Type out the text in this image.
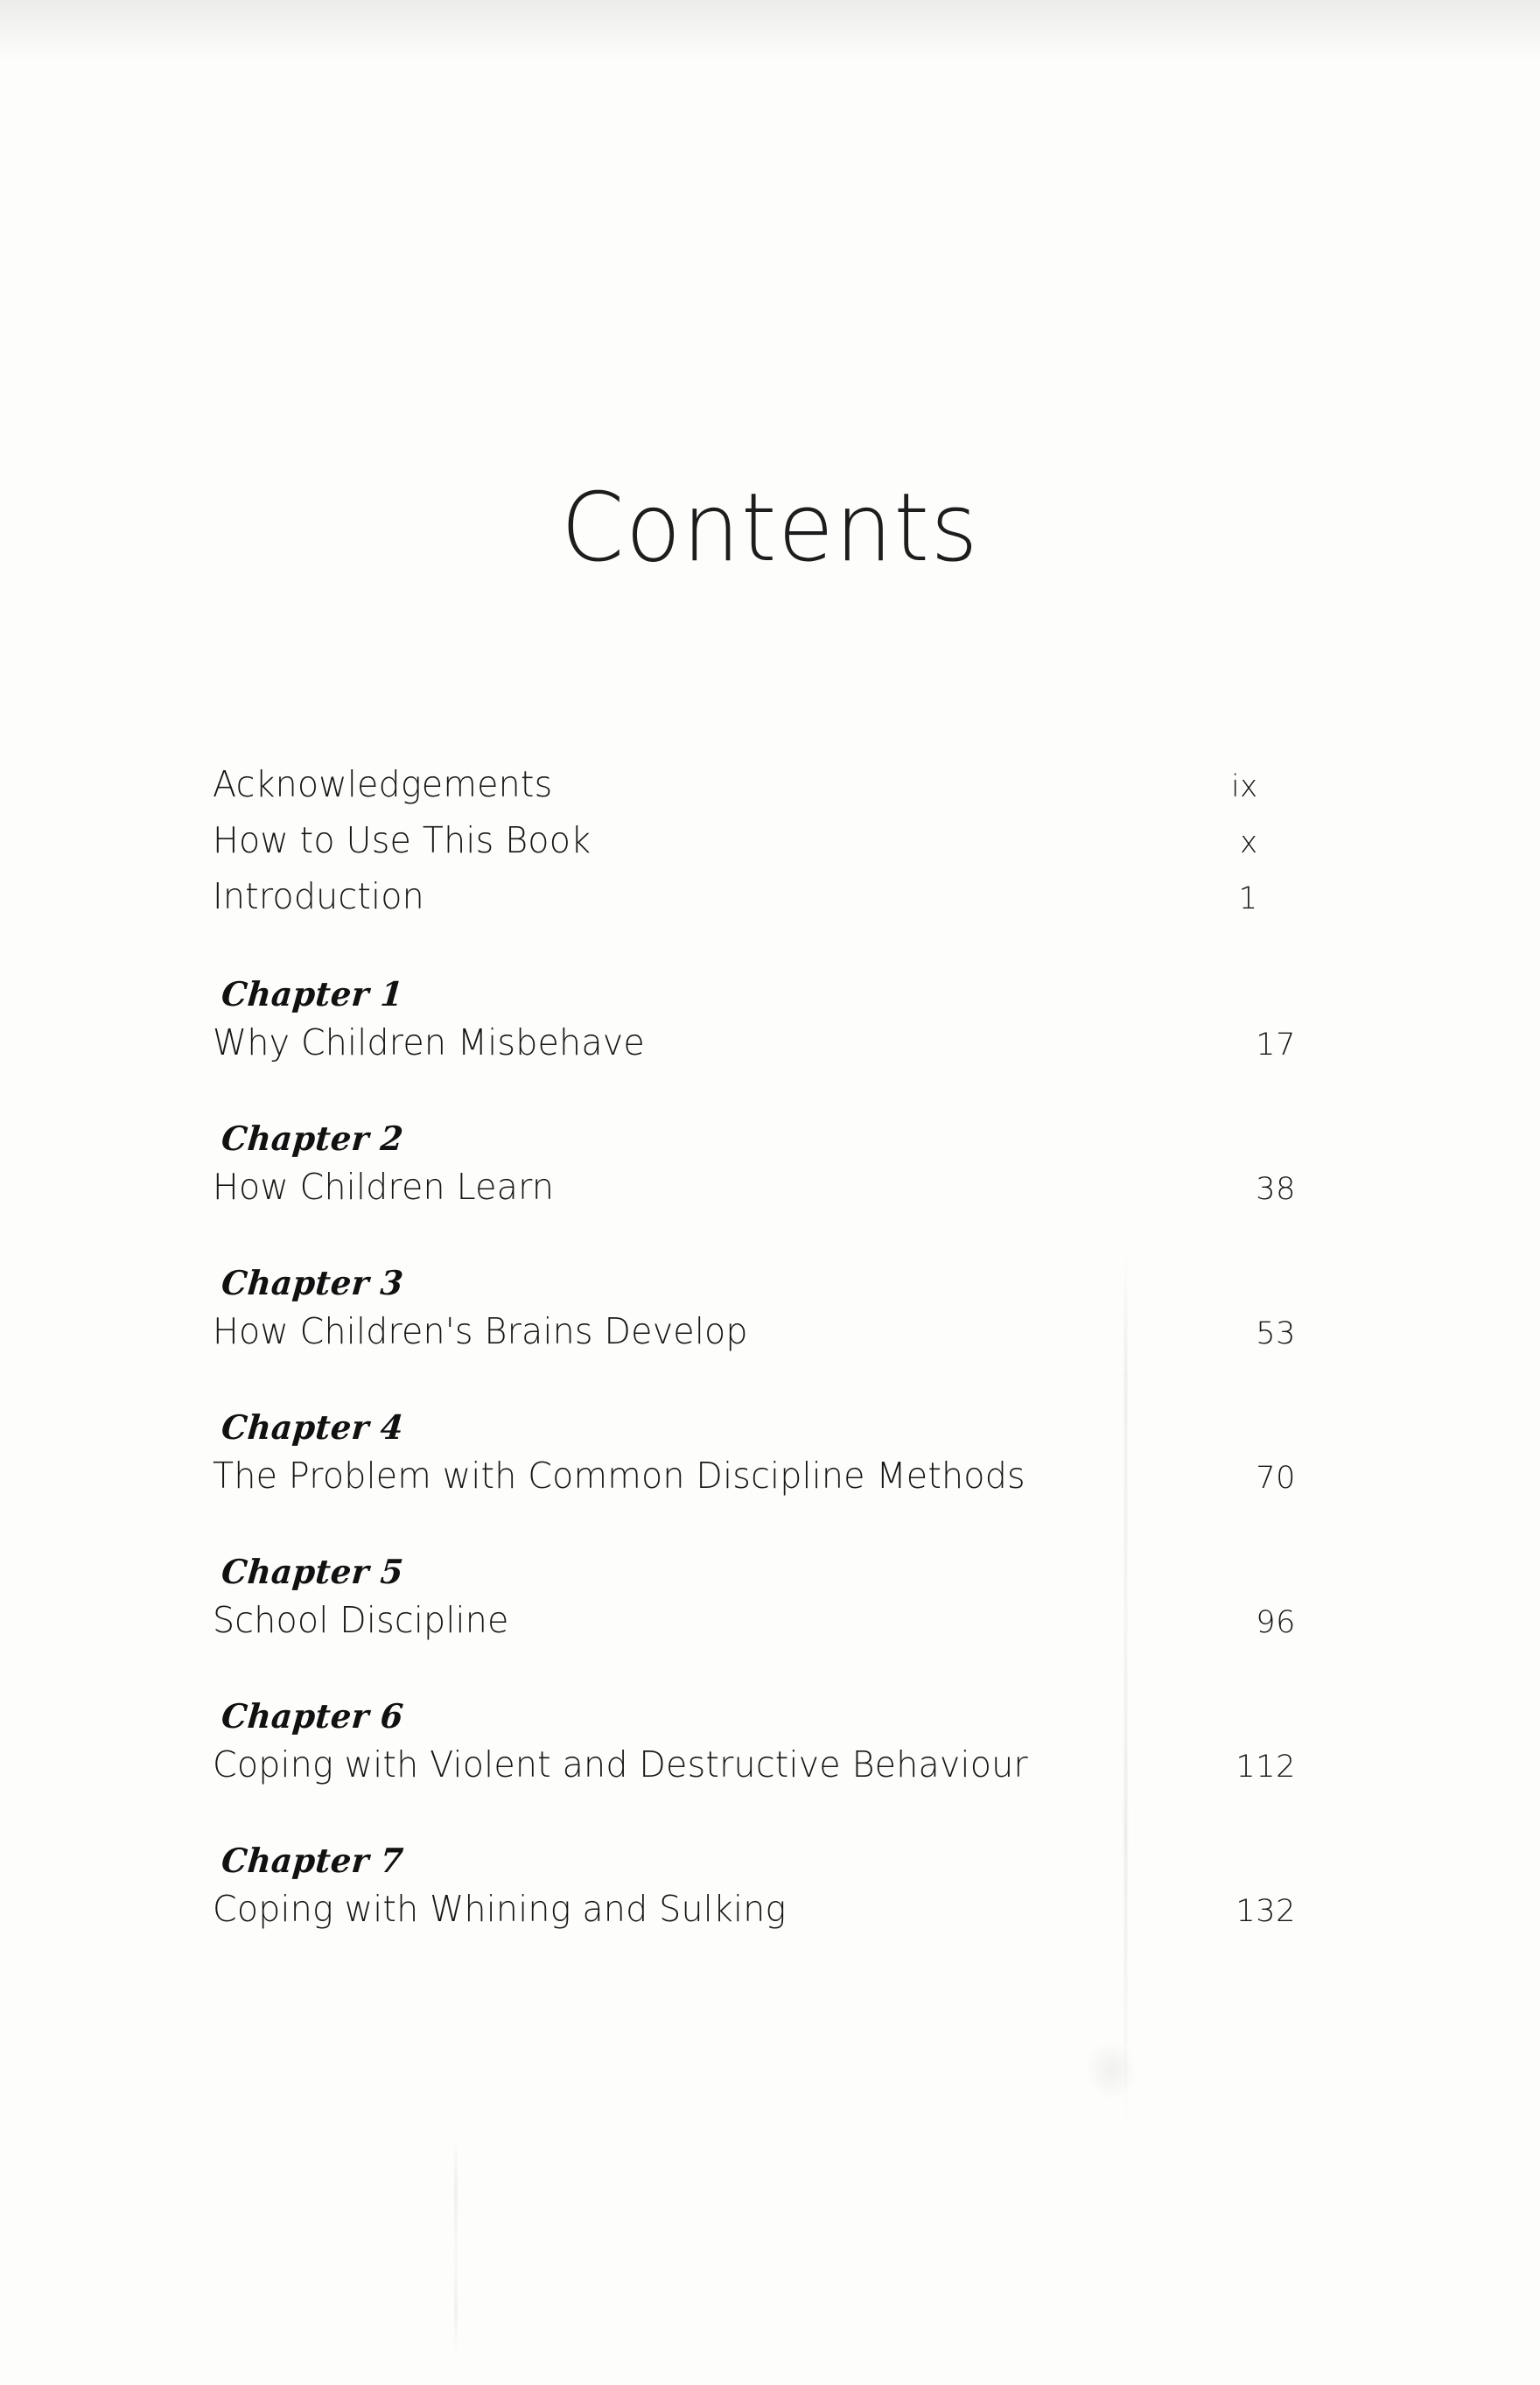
Contents
Acknowledgements	ix
How to Use This Book	x
Introduction	1
Chapter 1
Why Children Misbehave	17
Chapter 2
How Children Learn	38
Chapter 3
How Children's Brains Develop	53
Chapter 4
The Problem with Common Discipline Methods	70
Chapter 5
School Discipline	96
Chapter 6
Coping with Violent and Destructive Behaviour	112
Chapter 7
Coping with Whining and Sulking	132
